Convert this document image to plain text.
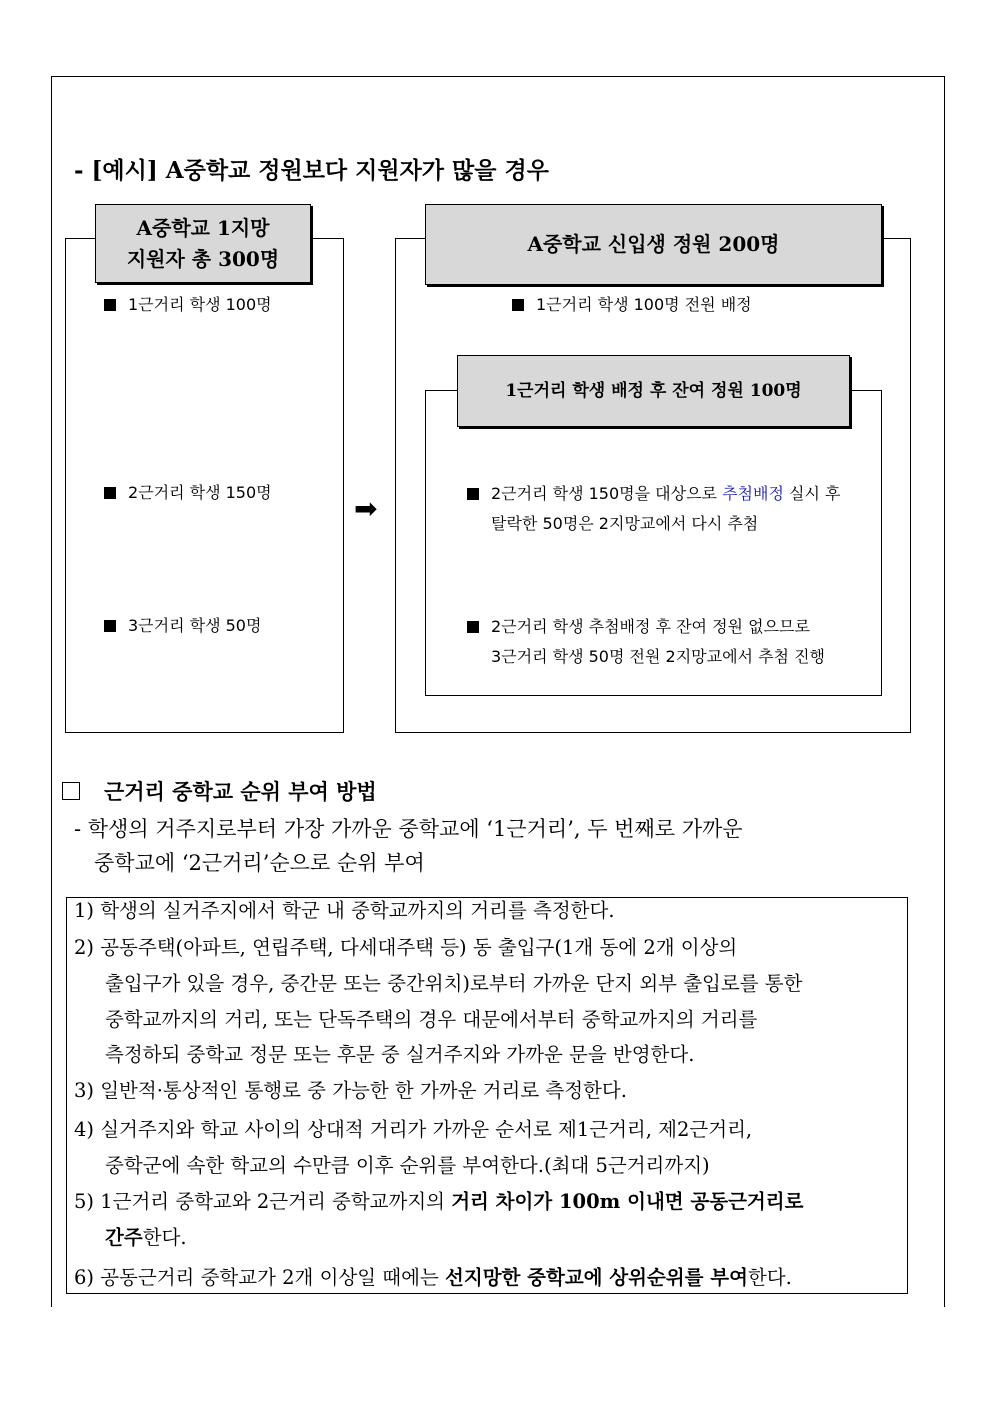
- [예시] A중학교 정원보다 지원자가 많을 경우
A중학교 1지망
지원자 총 300명
1근거리 학생 100명
2근거리 학생 150명
3근거리 학생 50명
➡
A중학교 신입생 정원 200명
1근거리 학생 100명 전원 배정
1근거리 학생 배정 후 잔여 정원 100명
2근거리 학생 150명을 대상으로 추첨배정 실시 후
탈락한 50명은 2지망교에서 다시 추첨
2근거리 학생 추첨배정 후 잔여 정원 없으므로
3근거리 학생 50명 전원 2지망교에서 추첨 진행
근거리 중학교 순위 부여 방법
- 학생의 거주지로부터 가장 가까운 중학교에 ‘1근거리’, 두 번째로 가까운
중학교에 ‘2근거리’순으로 순위 부여
1) 학생의 실거주지에서 학군 내 중학교까지의 거리를 측정한다.
2) 공동주택(아파트, 연립주택, 다세대주택 등) 동 출입구(1개 동에 2개 이상의
출입구가 있을 경우, 중간문 또는 중간위치)로부터 가까운 단지 외부 출입로를 통한
중학교까지의 거리, 또는 단독주택의 경우 대문에서부터 중학교까지의 거리를
측정하되 중학교 정문 또는 후문 중 실거주지와 가까운 문을 반영한다.
3) 일반적·통상적인 통행로 중 가능한 한 가까운 거리로 측정한다.
4) 실거주지와 학교 사이의 상대적 거리가 가까운 순서로 제1근거리, 제2근거리,
중학군에 속한 학교의 수만큼 이후 순위를 부여한다.(최대 5근거리까지)
5) 1근거리 중학교와 2근거리 중학교까지의 거리 차이가 100m 이내면 공동근거리로
간주한다.
6) 공동근거리 중학교가 2개 이상일 때에는 선지망한 중학교에 상위순위를 부여한다.
